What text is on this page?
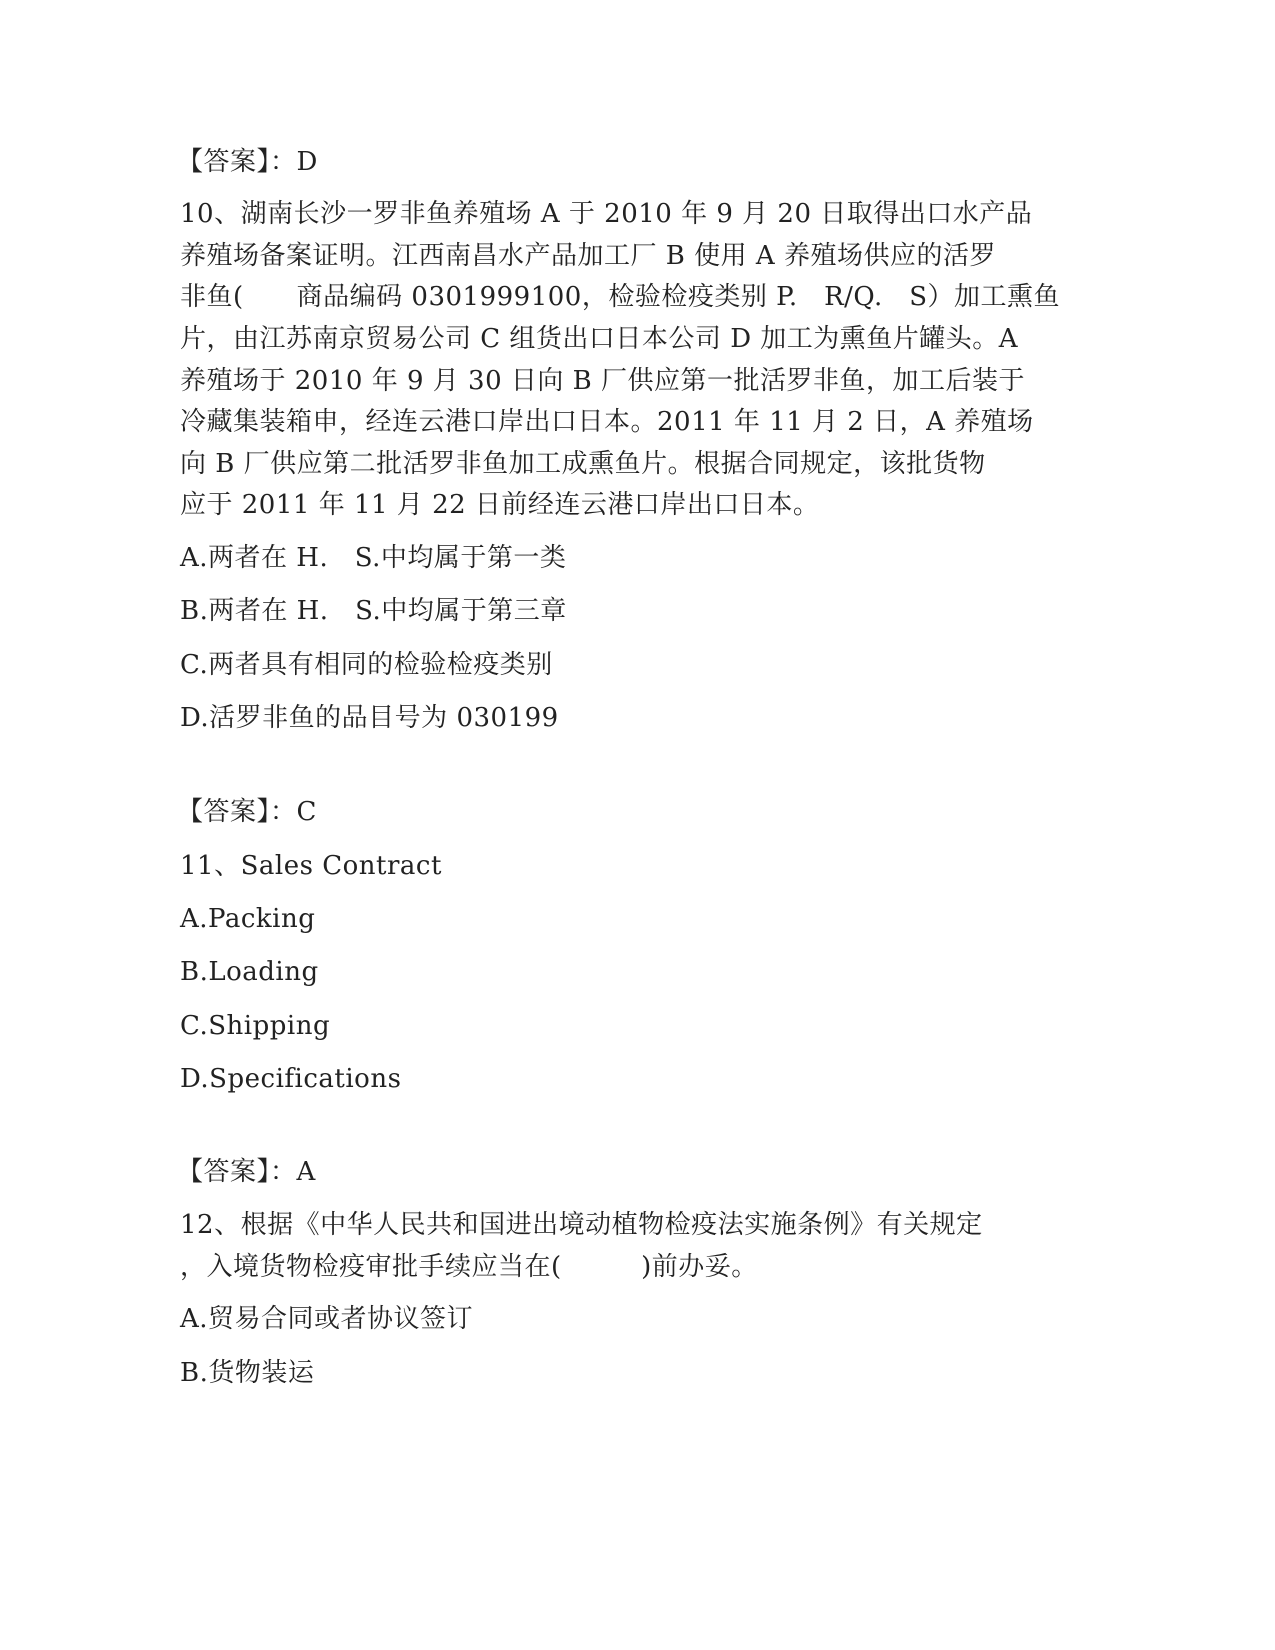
【答案】：D
10、湖南长沙一罗非鱼养殖场 A 于 2010 年 9 月 20 日取得出口水产品
养殖场备案证明。江西南昌水产品加工厂 B 使用 A 养殖场供应的活罗
非鱼(　　商品编码 0301999100，检验检疫类别 P.　R/Q.　S）加工熏鱼
片，由江苏南京贸易公司 C 组货出口日本公司 D 加工为熏鱼片罐头。A
养殖场于 2010 年 9 月 30 日向 B 厂供应第一批活罗非鱼，加工后装于
冷藏集装箱申，经连云港口岸出口日本。2011 年 11 月 2 日，A 养殖场
向 B 厂供应第二批活罗非鱼加工成熏鱼片。根据合同规定，该批货物
应于 2011 年 11 月 22 日前经连云港口岸出口日本。
A.两者在 H.　S.中均属于第一类
B.两者在 H.　S.中均属于第三章
C.两者具有相同的检验检疫类别
D.活罗非鱼的品目号为 030199
【答案】：C
11、Sales Contract
A.Packing
B.Loading
C.Shipping
D.Specifications
【答案】：A
12、根据《中华人民共和国进出境动植物检疫法实施条例》有关规定
，入境货物检疫审批手续应当在(　　　)前办妥。
A.贸易合同或者协议签订
B.货物装运
